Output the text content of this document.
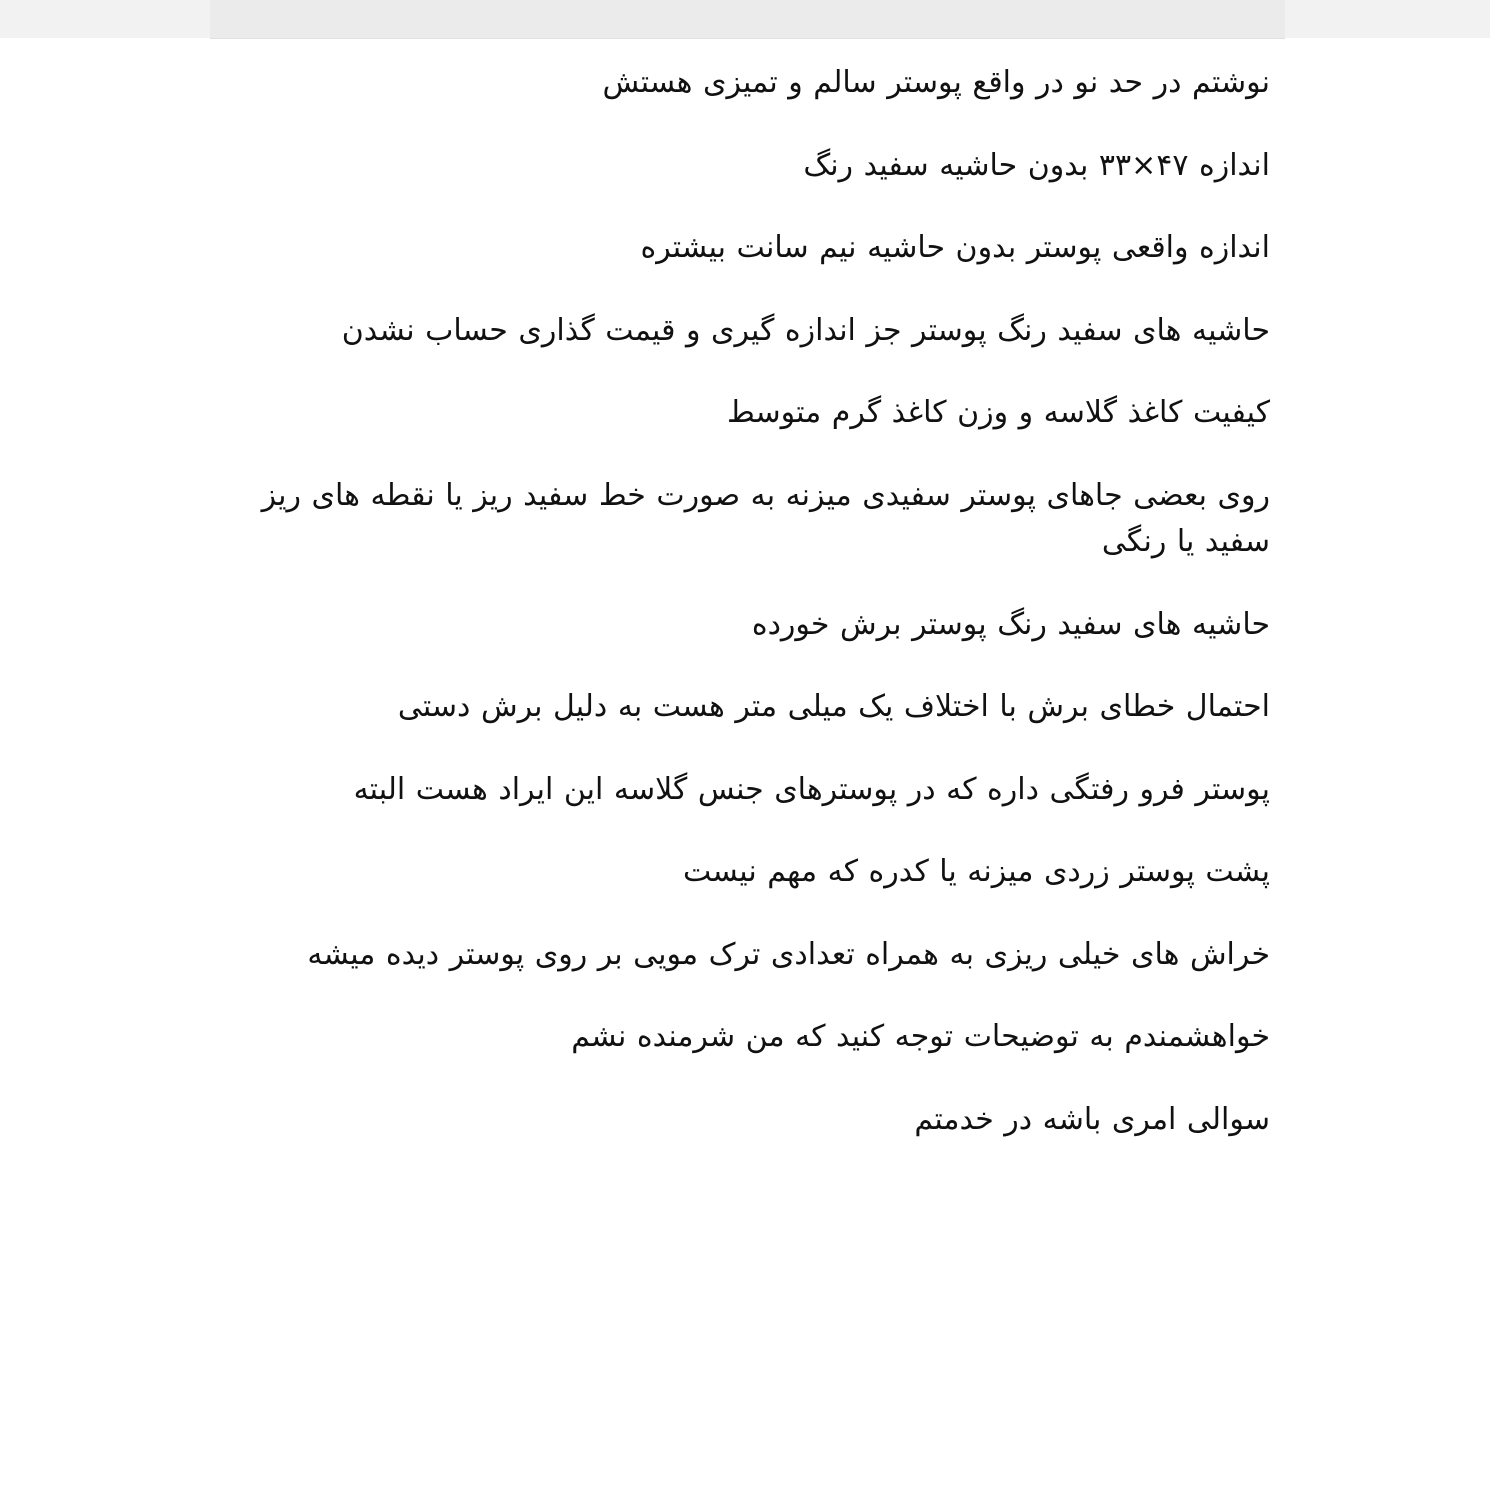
نوشتم در حد نو در واقع پوستر سالم و تمیزی هستش

اندازه ۴۷×۳۳ بدون حاشیه سفید رنگ

اندازه واقعی پوستر بدون حاشیه نیم سانت بیشتره

حاشیه های سفید رنگ پوستر جز اندازه گیری و قیمت گذاری حساب نشدن

کیفیت کاغذ گلاسه و وزن کاغذ گرم متوسط

روی بعضی جاهای پوستر سفیدی میزنه به صورت خط سفید ریز یا نقطه های ریز سفید یا رنگی

حاشیه های سفید رنگ پوستر برش خورده

احتمال خطای برش با اختلاف یک میلی متر هست به دلیل برش دستی

پوستر فرو رفتگی داره که در پوسترهای جنس گلاسه این ایراد هست البته

پشت پوستر زردی میزنه یا کدره که مهم نیست

خراش های خیلی ریزی به همراه تعدادی ترک مویی بر روی پوستر دیده میشه

خواهشمندم به توضیحات توجه کنید که من شرمنده نشم

سوالی امری باشه در خدمتم
